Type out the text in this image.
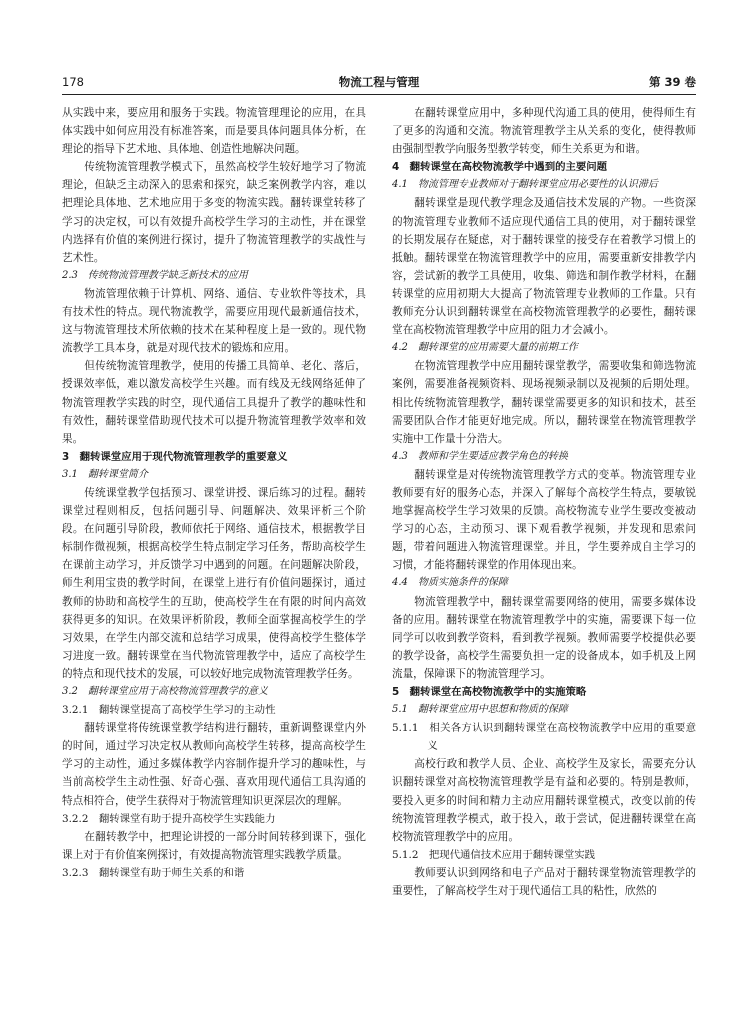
178	物流工程与管理	第 39 卷

从实践中来，要应用和服务于实践。物流管理理论的应用，在具体实践中如何应用没有标准答案，而是要具体问题具体分析，在理论的指导下艺术地、具体地、创造性地解决问题。

传统物流管理教学模式下，虽然高校学生较好地学习了物流理论，但缺乏主动深入的思索和探究，缺乏案例教学内容，难以把理论具体地、艺术地应用于多变的物流实践。翻转课堂转移了学习的决定权，可以有效提升高校学生学习的主动性，并在课堂内选择有价值的案例进行探讨，提升了物流管理教学的实战性与艺术性。

2.3　传统物流管理教学缺乏新技术的应用

物流管理依赖于计算机、网络、通信、专业软件等技术，具有技术性的特点。现代物流教学，需要应用现代最新通信技术，这与物流管理技术所依赖的技术在某种程度上是一致的。现代物流教学工具本身，就是对现代技术的锻炼和应用。

但传统物流管理教学，使用的传播工具简单、老化、落后，授课效率低，难以激发高校学生兴趣。而有线及无线网络延伸了物流管理教学实践的时空，现代通信工具提升了教学的趣味性和有效性，翻转课堂借助现代技术可以提升物流管理教学效率和效果。

3　翻转课堂应用于现代物流管理教学的重要意义
3.1　翻转课堂简介

传统课堂教学包括预习、课堂讲授、课后练习的过程。翻转课堂过程则相反，包括问题引导、问题解决、效果评析三个阶段。在问题引导阶段，教师依托于网络、通信技术，根据教学目标制作微视频，根据高校学生特点制定学习任务，帮助高校学生在课前主动学习，并反馈学习中遇到的问题。在问题解决阶段，师生利用宝贵的教学时间，在课堂上进行有价值问题探讨，通过教师的协助和高校学生的互助，使高校学生在有限的时间内高效获得更多的知识。在效果评析阶段，教师全面掌握高校学生的学习效果，在学生内部交流和总结学习成果，使得高校学生整体学习进度一致。翻转课堂在当代物流管理教学中，适应了高校学生的特点和现代技术的发展，可以较好地完成物流管理教学任务。

3.2　翻转课堂应用于高校物流管理教学的意义
3.2.1　翻转课堂提高了高校学生学习的主动性

翻转课堂将传统课堂教学结构进行翻转，重新调整课堂内外的时间，通过学习决定权从教师向高校学生转移，提高高校学生学习的主动性，通过多媒体教学内容制作提升学习的趣味性，与当前高校学生主动性强、好奇心强、喜欢用现代通信工具沟通的特点相符合，使学生获得对于物流管理知识更深层次的理解。

3.2.2　翻转课堂有助于提升高校学生实践能力

在翻转教学中，把理论讲授的一部分时间转移到课下，强化课上对于有价值案例探讨，有效提高物流管理实践教学质量。

3.2.3　翻转课堂有助于师生关系的和谐

在翻转课堂应用中，多种现代沟通工具的使用，使得师生有了更多的沟通和交流。物流管理教学主从关系的变化，使得教师由强制型教学向服务型教学转变，师生关系更为和谐。

4　翻转课堂在高校物流教学中遇到的主要问题
4.1　物流管理专业教师对于翻转课堂应用必要性的认识滞后

翻转课堂是现代教学理念及通信技术发展的产物。一些资深的物流管理专业教师不适应现代通信工具的使用，对于翻转课堂的长期发展存在疑虑，对于翻转课堂的接受存在着教学习惯上的抵触。翻转课堂在物流管理教学中的应用，需要重新安排教学内容，尝试新的教学工具使用，收集、筛选和制作教学材料，在翻转课堂的应用初期大大提高了物流管理专业教师的工作量。只有教师充分认识到翻转课堂在高校物流管理教学的必要性，翻转课堂在高校物流管理教学中应用的阻力才会减小。

4.2　翻转课堂的应用需要大量的前期工作

在物流管理教学中应用翻转课堂教学，需要收集和筛选物流案例，需要准备视频资料、现场视频录制以及视频的后期处理。相比传统物流管理教学，翻转课堂需要更多的知识和技术，甚至需要团队合作才能更好地完成。所以，翻转课堂在物流管理教学实施中工作量十分浩大。

4.3　教师和学生要适应教学角色的转换

翻转课堂是对传统物流管理教学方式的变革。物流管理专业教师要有好的服务心态，并深入了解每个高校学生特点，要敏锐地掌握高校学生学习效果的反馈。高校物流专业学生要改变被动学习的心态，主动预习、课下观看教学视频，并发现和思索问题，带着问题进入物流管理课堂。并且，学生要养成自主学习的习惯，才能将翻转课堂的作用体现出来。

4.4　物质实施条件的保障

物流管理教学中，翻转课堂需要网络的使用，需要多媒体设备的应用。翻转课堂在物流管理教学中的实施，需要课下每一位同学可以收到教学资料，看到教学视频。教师需要学校提供必要的教学设备，高校学生需要负担一定的设备成本，如手机及上网流量，保障课下的物流管理学习。

5　翻转课堂在高校物流教学中的实施策略
5.1　翻转课堂应用中思想和物质的保障
5.1.1　相关各方认识到翻转课堂在高校物流教学中应用的重要意义

高校行政和教学人员、企业、高校学生及家长，需要充分认识翻转课堂对高校物流管理教学是有益和必要的。特别是教师，要投入更多的时间和精力主动应用翻转课堂模式，改变以前的传统物流管理教学模式，敢于投入，敢于尝试，促进翻转课堂在高校物流管理教学中的应用。

5.1.2　把现代通信技术应用于翻转课堂实践

教师要认识到网络和电子产品对于翻转课堂物流管理教学的重要性，了解高校学生对于现代通信工具的粘性，欣然的
